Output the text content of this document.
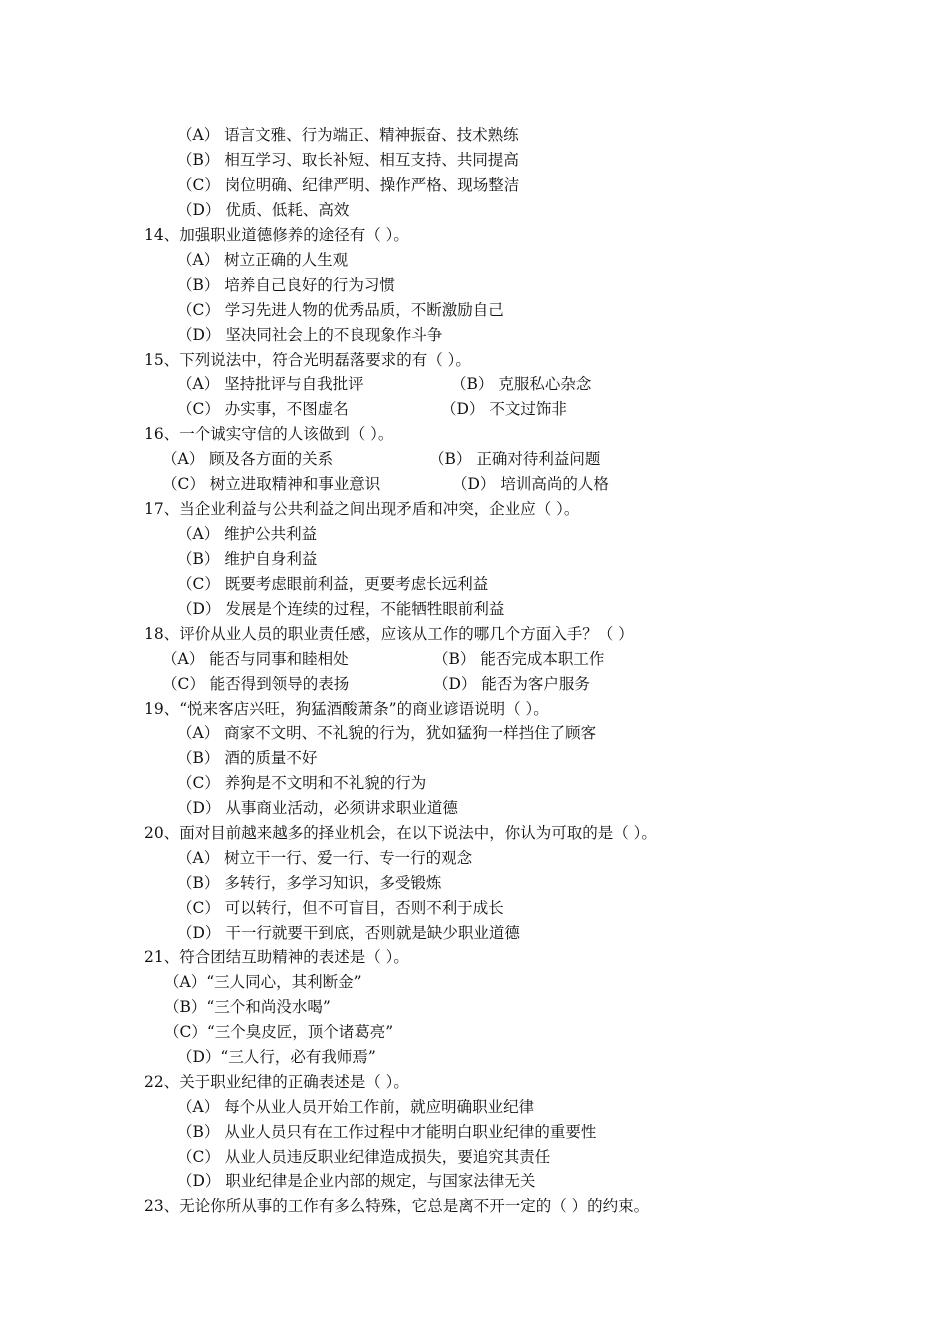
（A） 语言文雅、行为端正、精神振奋、技术熟练
（B） 相互学习、取长补短、相互支持、共同提高
（C） 岗位明确、纪律严明、操作严格、现场整洁
（D） 优质、低耗、高效
14、加强职业道德修养的途径有（ ）。
（A） 树立正确的人生观
（B） 培养自己良好的行为习惯
（C） 学习先进人物的优秀品质，不断激励自己
（D） 坚决同社会上的不良现象作斗争
15、下列说法中，符合光明磊落要求的有（ ）。
（A） 坚持批评与自我批评	（B） 克服私心杂念
（C） 办实事，不图虚名	（D） 不文过饰非
16、一个诚实守信的人该做到（ ）。
（A） 顾及各方面的关系	（B） 正确对待利益问题
（C） 树立进取精神和事业意识	（D） 培训高尚的人格
17、当企业利益与公共利益之间出现矛盾和冲突，企业应（ ）。
（A） 维护公共利益
（B） 维护自身利益
（C） 既要考虑眼前利益，更要考虑长远利益
（D） 发展是个连续的过程，不能牺牲眼前利益
18、评价从业人员的职业责任感，应该从工作的哪几个方面入手？（ ）
（A） 能否与同事和睦相处	（B） 能否完成本职工作
（C） 能否得到领导的表扬	（D） 能否为客户服务
19、“悦来客店兴旺，狗猛酒酸萧条”的商业谚语说明（ ）。
（A） 商家不文明、不礼貌的行为，犹如猛狗一样挡住了顾客
（B） 酒的质量不好
（C） 养狗是不文明和不礼貌的行为
（D） 从事商业活动，必须讲求职业道德
20、面对目前越来越多的择业机会，在以下说法中，你认为可取的是（ ）。
（A） 树立干一行、爱一行、专一行的观念
（B） 多转行，多学习知识，多受锻炼
（C） 可以转行，但不可盲目，否则不利于成长
（D） 干一行就要干到底，否则就是缺少职业道德
21、符合团结互助精神的表述是（ ）。
（A）“三人同心，其利断金”
（B）“三个和尚没水喝”
（C）“三个臭皮匠，顶个诸葛亮”
（D）“三人行，必有我师焉”
22、关于职业纪律的正确表述是（ ）。
（A） 每个从业人员开始工作前，就应明确职业纪律
（B） 从业人员只有在工作过程中才能明白职业纪律的重要性
（C） 从业人员违反职业纪律造成损失，要追究其责任
（D） 职业纪律是企业内部的规定，与国家法律无关
23、无论你所从事的工作有多么特殊，它总是离不开一定的（ ）的约束。
